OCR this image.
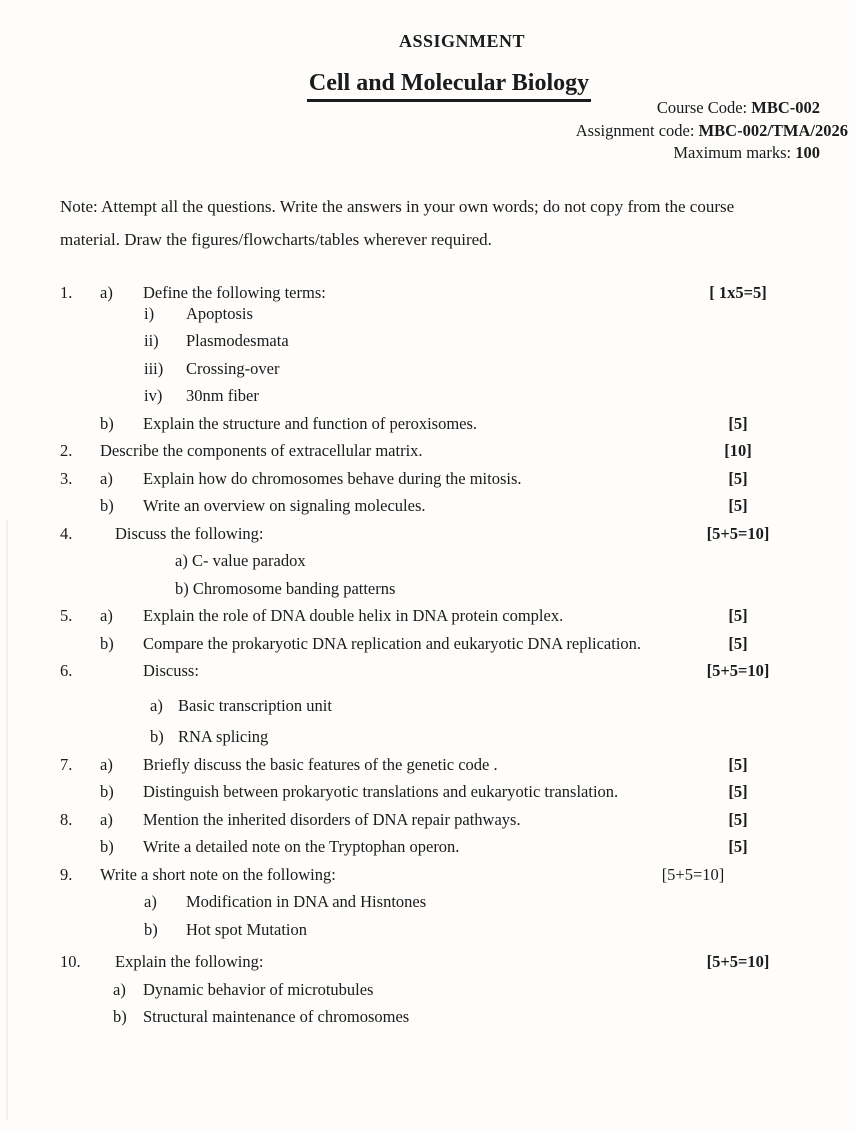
ASSIGNMENT
Cell and Molecular Biology
Course Code: MBC-002
Assignment code: MBC-002/TMA/2026
Maximum marks: 100

Note: Attempt all the questions. Write the answers in your own words; do not copy from the course
material. Draw the figures/flowcharts/tables wherever required.

1. a) Define the following terms:	[ 1x5=5]
i) Apoptosis
ii) Plasmodesmata
iii) Crossing-over
iv) 30nm fiber
b) Explain the structure and function of peroxisomes.	[5]
2. Describe the components of extracellular matrix.	[10]
3. a) Explain how do chromosomes behave during the mitosis.	[5]
b) Write an overview on signaling molecules.	[5]
4.	Discuss the following:	[5+5=10]
a) C- value paradox
b) Chromosome banding patterns
5. a) Explain the role of DNA double helix in DNA protein complex.	[5]
b) Compare the prokaryotic DNA replication and eukaryotic DNA replication.	[5]
6.	Discuss:	[5+5=10]
a) Basic transcription unit
b) RNA splicing
7. a) Briefly discuss the basic features of the genetic code .	[5]
b) Distinguish between prokaryotic translations and eukaryotic translation.	[5]
8. a) Mention the inherited disorders of DNA repair pathways.	[5]
b) Write a detailed note on the Tryptophan operon.	[5]
9. Write a short note on the following:	[5+5=10]
a) Modification in DNA and Hisntones
b) Hot spot Mutation
10. Explain the following:	[5+5=10]
a) Dynamic behavior of microtubules
b) Structural maintenance of chromosomes
